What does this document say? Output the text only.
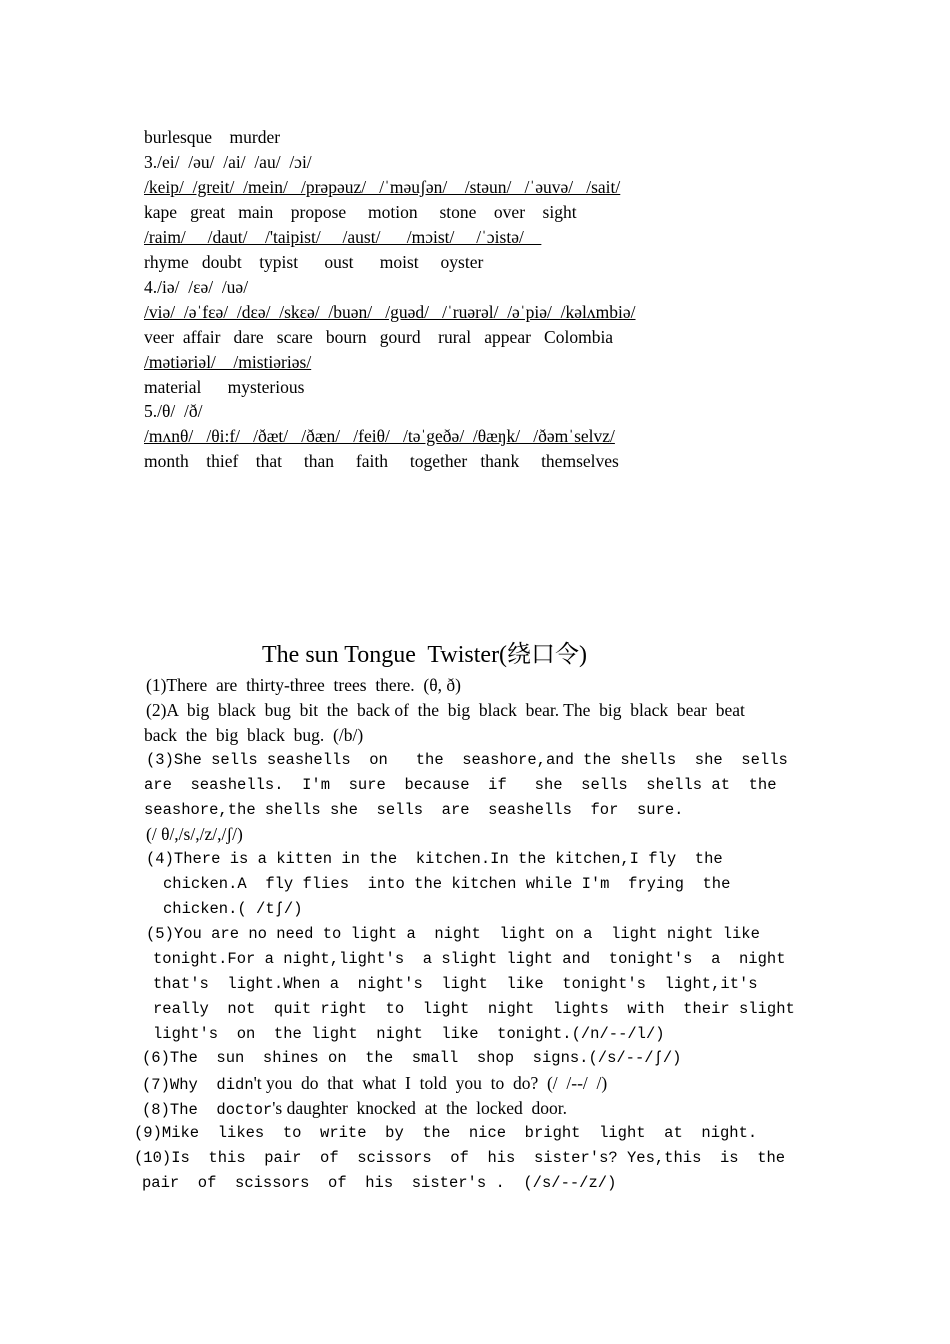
burlesque    murder
3./ei/  /əu/  /ai/  /au/  /ɔi/
/keip/  /greit/  /mein/   /prəpəuz/   /ˈməuʃən/    /stəun/   /ˈəuvə/   /sait/
kape   great   main    propose     motion     stone    over    sight
/raim/     /daut/    /'taipist/     /aust/      /mɔist/     /ˈɔistə/
rhyme   doubt    typist      oust      moist     oyster
4./iə/  /ɛə/  /uə/
/viə/  /əˈfɛə/  /dɛə/  /skɛə/  /buən/   /guəd/   /ˈruərəl/  /əˈpiə/  /kəlʌmbiə/
veer  affair   dare   scare   bourn   gourd    rural   appear   Colombia
/mətiəriəl/    /mistiəriəs/
material      mysterious
5./θ/  /ð/
/mʌnθ/   /θi:f/   /ðæt/   /ðæn/   /feiθ/   /təˈgeðə/  /θæŋk/   /ðəmˈselvz/
month    thief    that     than     faith     together   thank     themselves
The sun Tongue  Twister(绕口令)
(1)There  are  thirty-three  trees  there.  (θ, ð)
(2)A  big  black  bug  bit  the  back of  the  big  black  bear. The  big  black  bear  beat
back  the  big  black  bug.  (/b/)
(3)She sells seashells  on   the  seashore,and the shells  she  sells
are  seashells.  I'm  sure  because  if   she  sells  shells at  the
seashore,the shells she  sells  are  seashells  for  sure.
(/ θ/,/s/,/z/,/ʃ/)
(4)There is a kitten in the  kitchen.In the kitchen,I fly  the
chicken.A  fly flies  into the kitchen while I'm  frying  the
chicken.( /tʃ/)
(5)You are no need to light a  night  light on a  light night like
tonight.For a night,light's  a slight light and  tonight's  a  night
that's  light.When a  night's  light  like  tonight's  light,it's
really  not  quit right  to  light  night  lights  with  their slight
light's  on  the light  night  like  tonight.(/n/--/l/)
(6)The  sun  shines on  the  small  shop  signs.(/s/--/ʃ/)
(7)Why  didn't you  do  that  what  I  told  you  to  do?  (/  /--/  /)
(8)The  doctor's daughter  knocked  at  the  locked  door.
(9)Mike  likes  to  write  by  the  nice  bright  light  at  night.
(10)Is  this  pair  of  scissors  of  his  sister's? Yes,this  is  the
pair  of  scissors  of  his  sister's .  (/s/--/z/)
